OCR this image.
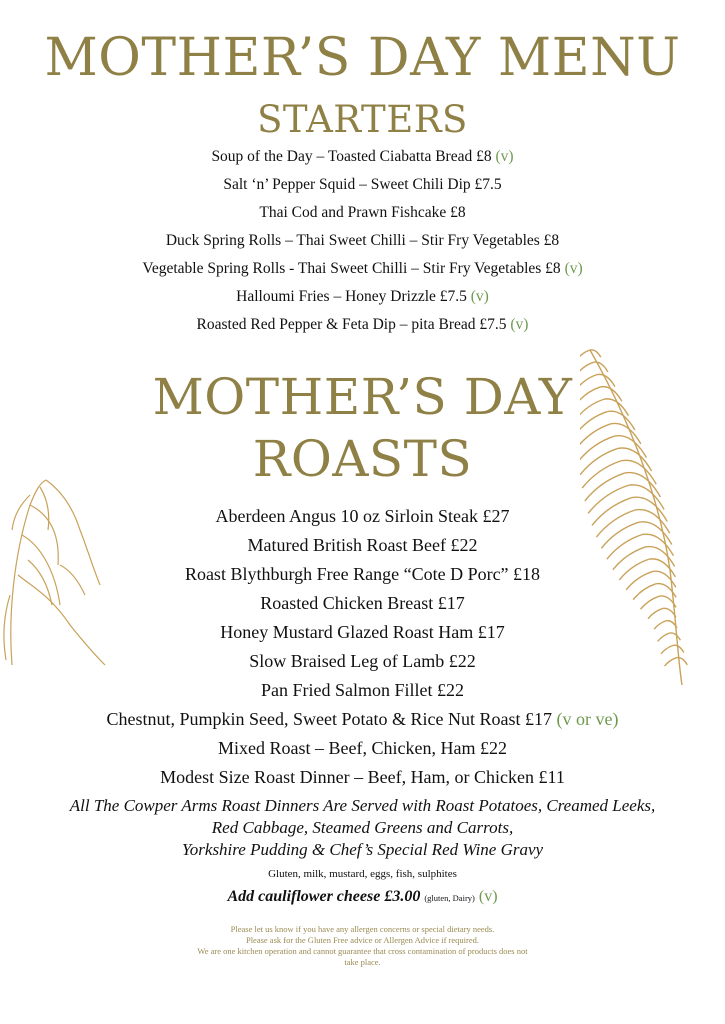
MOTHER’S DAY MENU
STARTERS
Soup of the Day – Toasted Ciabatta Bread £8 (v)
Salt ‘n’ Pepper Squid – Sweet Chili Dip £7.5
Thai Cod and Prawn Fishcake £8
Duck Spring Rolls – Thai Sweet Chilli – Stir Fry Vegetables £8
Vegetable Spring Rolls - Thai Sweet Chilli – Stir Fry Vegetables £8 (v)
Halloumi Fries – Honey Drizzle £7.5 (v)
Roasted Red Pepper & Feta Dip – pita Bread £7.5 (v)
MOTHER’S DAY
ROASTS
Aberdeen Angus 10 oz Sirloin Steak £27
Matured British Roast Beef £22
Roast Blythburgh Free Range “Cote D Porc” £18
Roasted Chicken Breast £17
Honey Mustard Glazed Roast Ham £17
Slow Braised Leg of Lamb £22
Pan Fried Salmon Fillet £22
Chestnut, Pumpkin Seed, Sweet Potato & Rice Nut Roast £17 (v or ve)
Mixed Roast – Beef, Chicken, Ham £22
Modest Size Roast Dinner – Beef, Ham, or Chicken £11
All The Cowper Arms Roast Dinners Are Served with Roast Potatoes, Creamed Leeks,
Red Cabbage, Steamed Greens and Carrots,
Yorkshire Pudding & Chef’s Special Red Wine Gravy
Gluten, milk, mustard, eggs, fish, sulphites
Add cauliflower cheese £3.00 (gluten, Dairy) (v)
Please let us know if you have any allergen concerns or special dietary needs.
Please ask for the Gluten Free advice or Allergen Advice if required.
We are one kitchen operation and cannot guarantee that cross contamination of products does not
take place.
